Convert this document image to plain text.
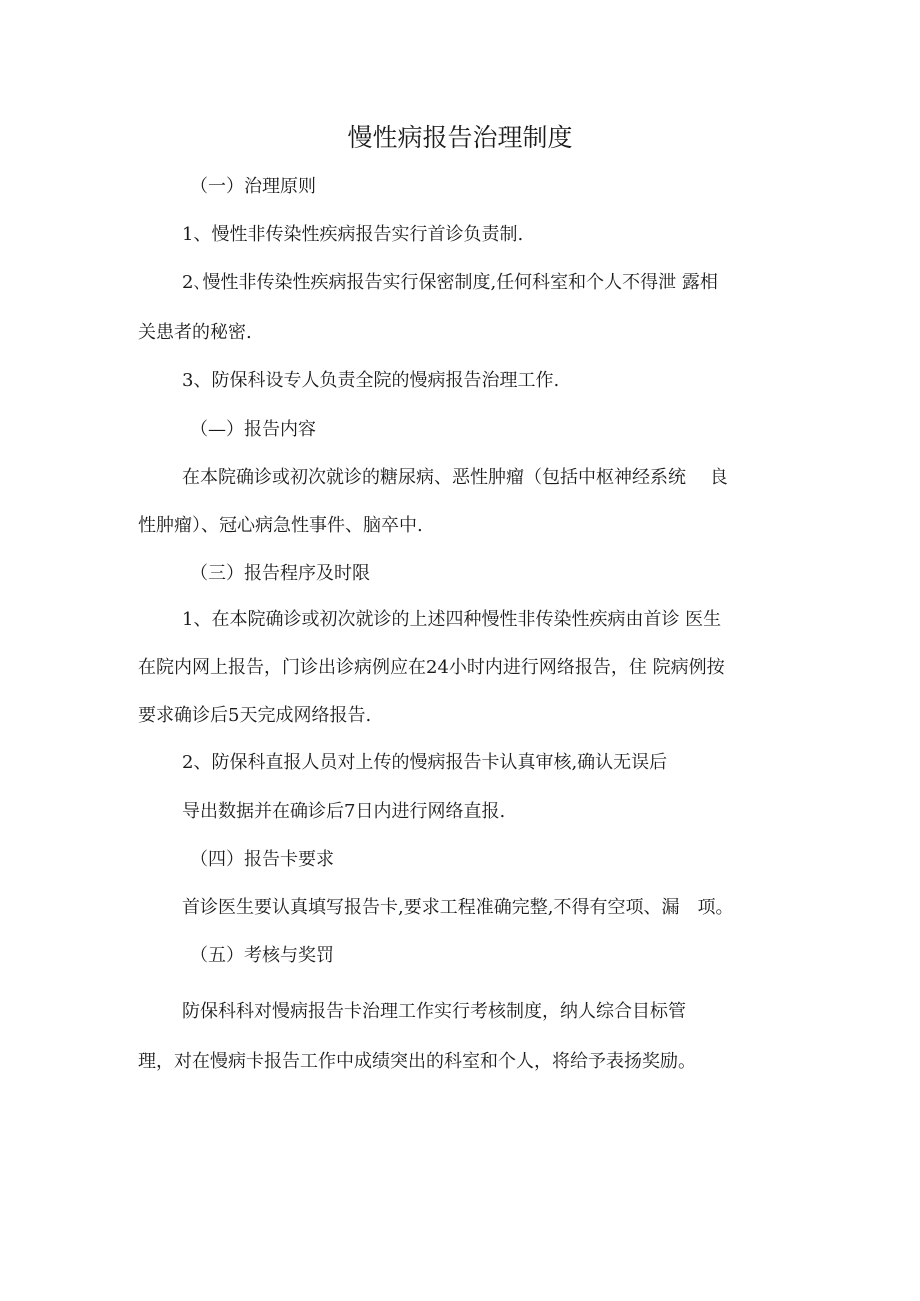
慢性病报告治理制度

（一）治理原则

1、慢性非传染性疾病报告实行首诊负责制.

2､慢性非传染性疾病报告实行保密制度,任何科室和个人不得泄 露相

关患者的秘密.

3、防保科设专人负责全院的慢病报告治理工作.

（—）报告内容

在本院确诊或初次就诊的糖尿病、恶性肿瘤（包括中枢神经系统　 良

性肿瘤）、冠心病急性事件、脑卒中.

（三）报告程序及时限

1、在本院确诊或初次就诊的上述四种慢性非传染性疾病由首诊 医生

在院内网上报告，门诊出诊病例应在24小时内进行网络报告，住 院病例按

要求确诊后5天完成网络报告.

2、防保科直报人员对上传的慢病报告卡认真审核,确认无误后

导出数据并在确诊后7日内进行网络直报.

（四）报告卡要求

首诊医生要认真填写报告卡,要求工程准确完整,不得有空项、漏　项。

（五）考核与奖罚

防保科科对慢病报告卡治理工作实行考核制度，纳人综合目标管

理，对在慢病卡报告工作中成绩突出的科室和个人，将给予表扬奖励。
